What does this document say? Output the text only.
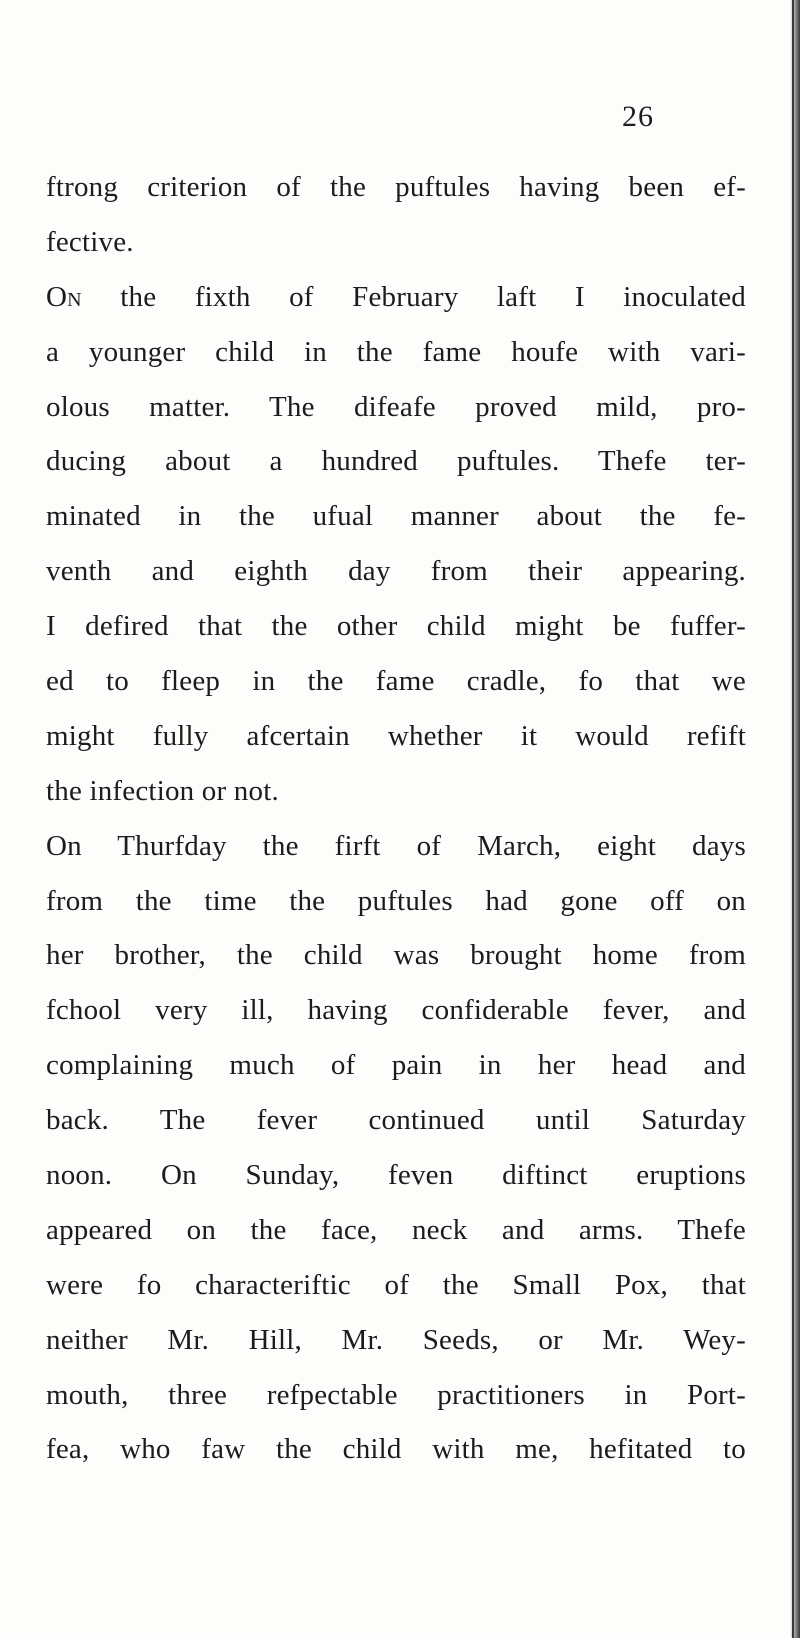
26
ftrong criterion of the puftules having been ef-
fective.
On the fixth of February laft I inoculated
a younger child in the fame houfe with vari-
olous matter. The difeafe proved mild, pro-
ducing about a hundred puftules. Thefe ter-
minated in the ufual manner about the fe-
venth and eighth day from their appearing.
I defired that the other child might be fuffer-
ed to fleep in the fame cradle, fo that we
might fully afcertain whether it would refift
the infection or not.
On Thurfday the firft of March, eight days
from the time the puftules had gone off on
her brother, the child was brought home from
fchool very ill, having confiderable fever, and
complaining much of pain in her head and
back. The fever continued until Saturday
noon. On Sunday, feven diftinct eruptions
appeared on the face, neck and arms. Thefe
were fo characteriftic of the Small Pox, that
neither Mr. Hill, Mr. Seeds, or Mr. Wey-
mouth, three refpectable practitioners in Port-
fea, who faw the child with me, hefitated to
